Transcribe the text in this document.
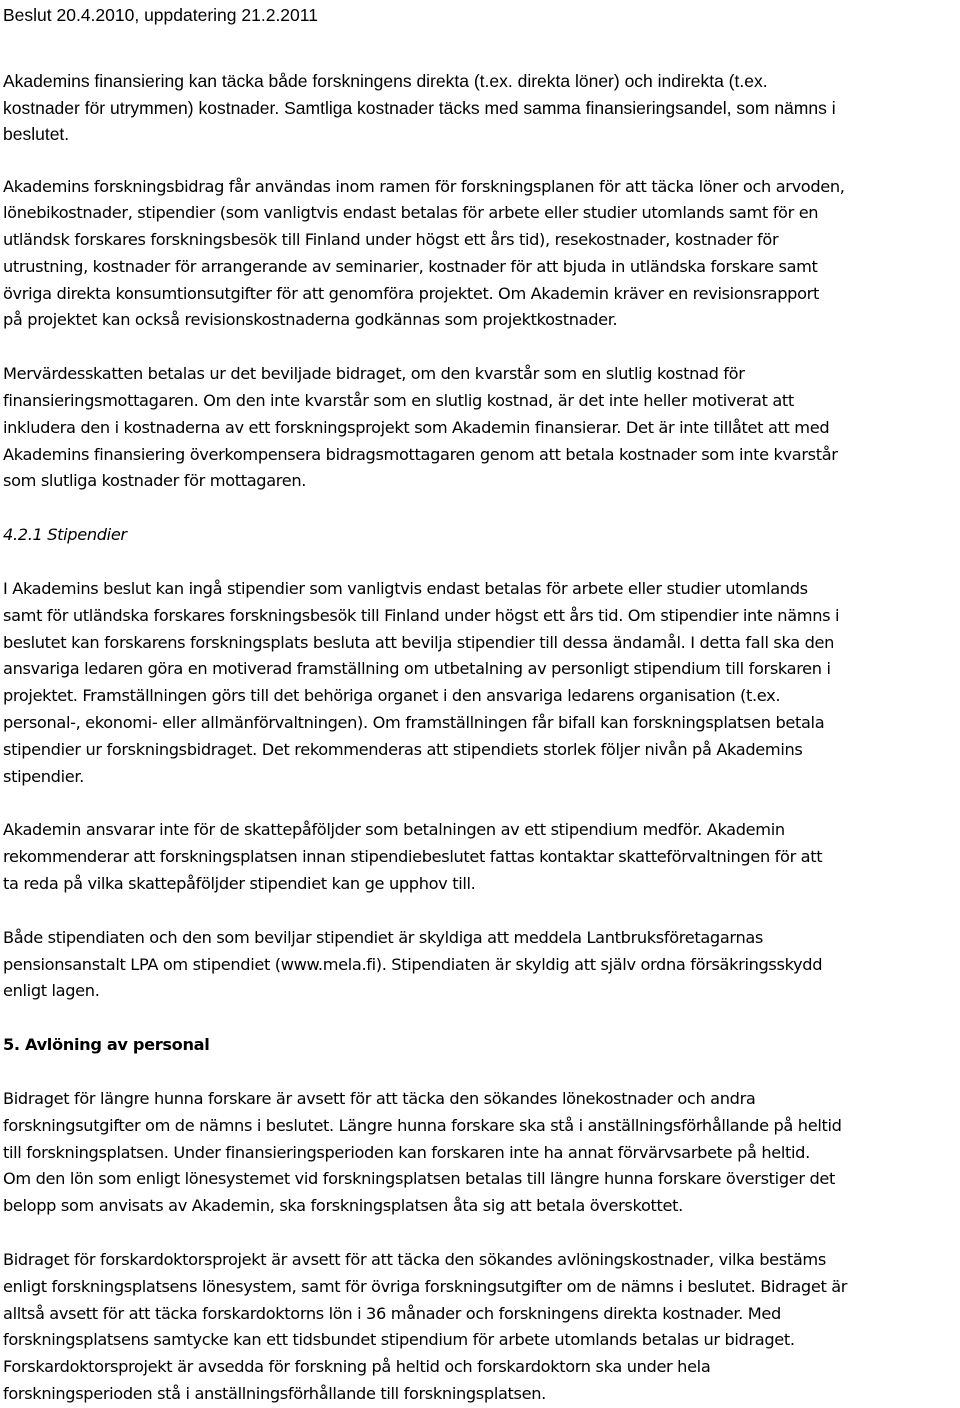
Beslut 20.4.2010, uppdatering 21.2.2011
Akademins finansiering kan täcka både forskningens direkta (t.ex. direkta löner) och indirekta (t.ex.
kostnader för utrymmen) kostnader. Samtliga kostnader täcks med samma finansieringsandel, som nämns i
beslutet.
Akademins forskningsbidrag får användas inom ramen för forskningsplanen för att täcka löner och arvoden,
lönebikostnader, stipendier (som vanligtvis endast betalas för arbete eller studier utomlands samt för en
utländsk forskares forskningsbesök till Finland under högst ett års tid), resekostnader, kostnader för
utrustning, kostnader för arrangerande av seminarier, kostnader för att bjuda in utländska forskare samt
övriga direkta konsumtionsutgifter för att genomföra projektet. Om Akademin kräver en revisionsrapport
på projektet kan också revisionskostnaderna godkännas som projektkostnader.
Mervärdesskatten betalas ur det beviljade bidraget, om den kvarstår som en slutlig kostnad för
finansieringsmottagaren. Om den inte kvarstår som en slutlig kostnad, är det inte heller motiverat att
inkludera den i kostnaderna av ett forskningsprojekt som Akademin finansierar. Det är inte tillåtet att med
Akademins finansiering överkompensera bidragsmottagaren genom att betala kostnader som inte kvarstår
som slutliga kostnader för mottagaren.
4.2.1 Stipendier
I Akademins beslut kan ingå stipendier som vanligtvis endast betalas för arbete eller studier utomlands
samt för utländska forskares forskningsbesök till Finland under högst ett års tid. Om stipendier inte nämns i
beslutet kan forskarens forskningsplats besluta att bevilja stipendier till dessa ändamål. I detta fall ska den
ansvariga ledaren göra en motiverad framställning om utbetalning av personligt stipendium till forskaren i
projektet. Framställningen görs till det behöriga organet i den ansvariga ledarens organisation (t.ex.
personal-, ekonomi- eller allmänförvaltningen). Om framställningen får bifall kan forskningsplatsen betala
stipendier ur forskningsbidraget. Det rekommenderas att stipendiets storlek följer nivån på Akademins
stipendier.
Akademin ansvarar inte för de skattepåföljder som betalningen av ett stipendium medför. Akademin
rekommenderar att forskningsplatsen innan stipendiebeslutet fattas kontaktar skatteförvaltningen för att
ta reda på vilka skattepåföljder stipendiet kan ge upphov till.
Både stipendiaten och den som beviljar stipendiet är skyldiga att meddela Lantbruksföretagarnas
pensionsanstalt LPA om stipendiet (www.mela.fi). Stipendiaten är skyldig att själv ordna försäkringsskydd
enligt lagen.
5. Avlöning av personal
Bidraget för längre hunna forskare är avsett för att täcka den sökandes lönekostnader och andra
forskningsutgifter om de nämns i beslutet. Längre hunna forskare ska stå i anställningsförhållande på heltid
till forskningsplatsen. Under finansieringsperioden kan forskaren inte ha annat förvärvsarbete på heltid.
Om den lön som enligt lönesystemet vid forskningsplatsen betalas till längre hunna forskare överstiger det
belopp som anvisats av Akademin, ska forskningsplatsen åta sig att betala överskottet.
Bidraget för forskardoktorsprojekt är avsett för att täcka den sökandes avlöningskostnader, vilka bestäms
enligt forskningsplatsens lönesystem, samt för övriga forskningsutgifter om de nämns i beslutet. Bidraget är
alltså avsett för att täcka forskardoktorns lön i 36 månader och forskningens direkta kostnader. Med
forskningsplatsens samtycke kan ett tidsbundet stipendium för arbete utomlands betalas ur bidraget.
Forskardoktorsprojekt är avsedda för forskning på heltid och forskardoktorn ska under hela
forskningsperioden stå i anställningsförhållande till forskningsplatsen.
